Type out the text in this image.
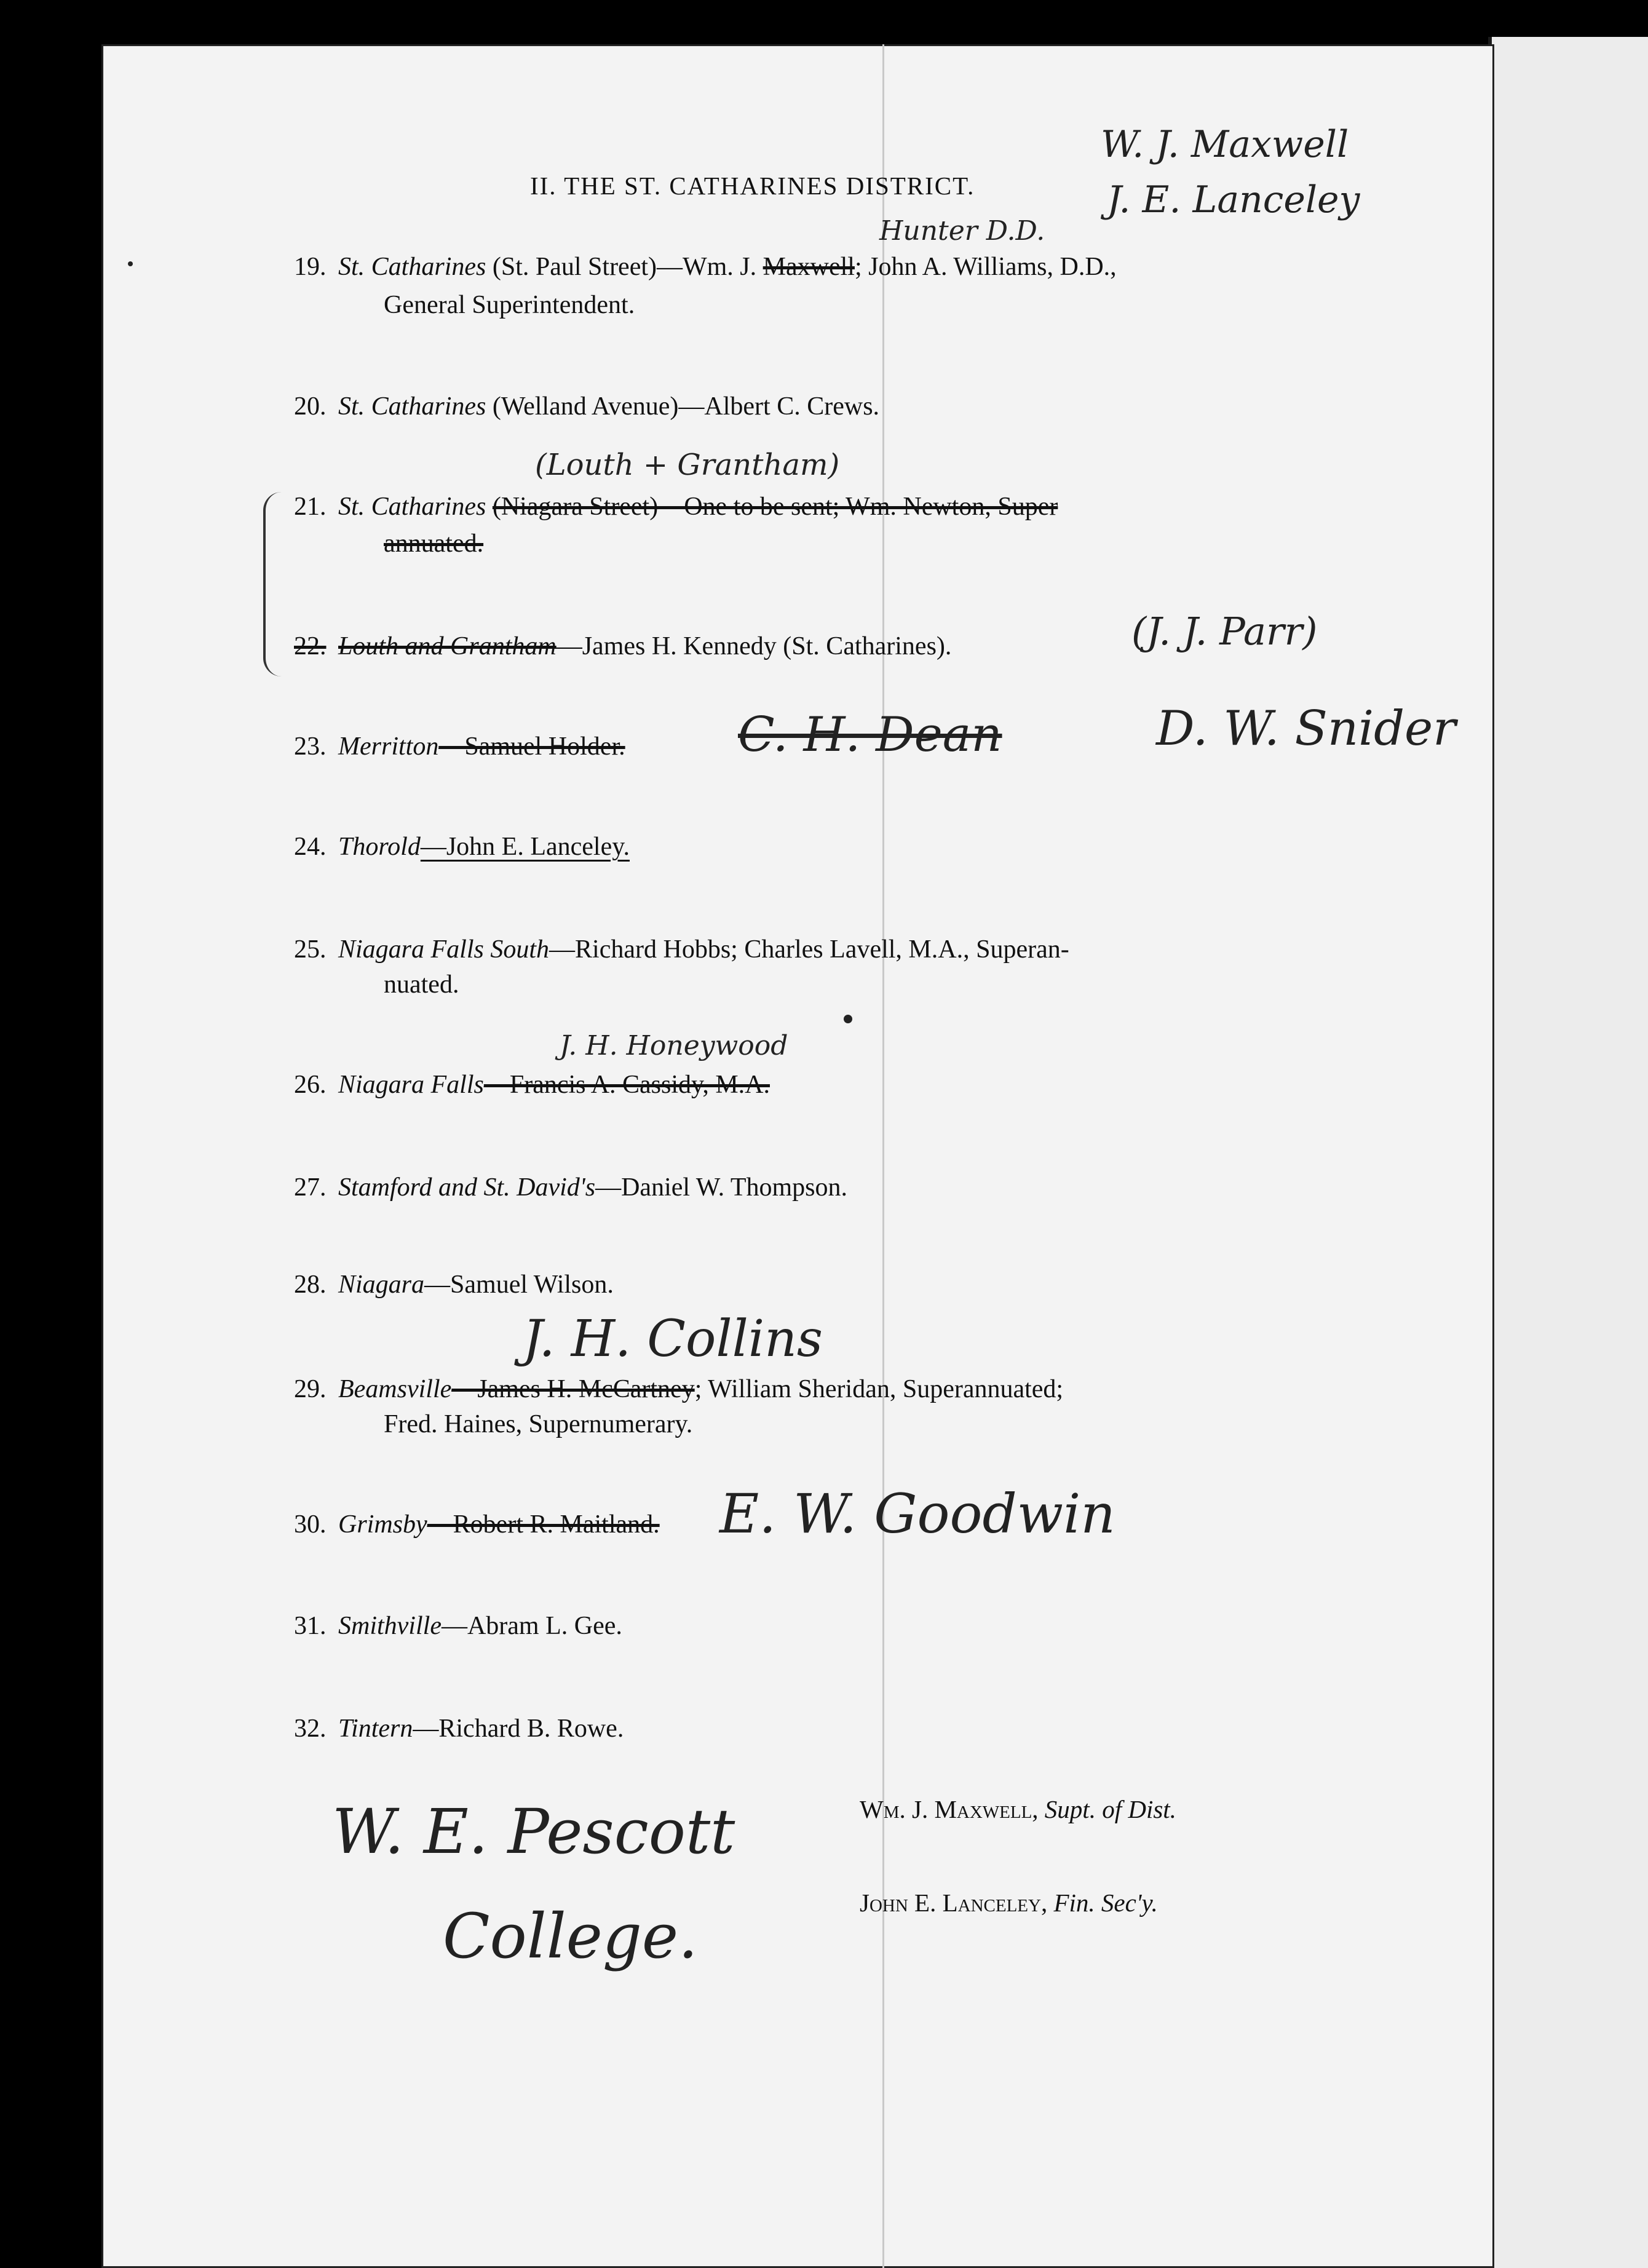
II. THE ST. CATHARINES DISTRICT.
19. St. Catharines (St. Paul Street)—Wm. J. Maxwell; John A. Williams, D.D.,
General Superintendent.
20. St. Catharines (Welland Avenue)—Albert C. Crews.
21. St. Catharines (Niagara Street)—One to be sent; Wm. Newton, Super
annuated.
22. Louth and Grantham—James H. Kennedy (St. Catharines).
23. Merritton—Samuel Holder.
24. Thorold—John E. Lanceley.
25. Niagara Falls South—Richard Hobbs; Charles Lavell, M.A., Superan-
nuated.
26. Niagara Falls—Francis A. Cassidy, M.A.
27. Stamford and St. David's—Daniel W. Thompson.
28. Niagara—Samuel Wilson.
29. Beamsville—James H. McCartney; William Sheridan, Superannuated;
Fred. Haines, Supernumerary.
30. Grimsby—Robert R. Maitland.
31. Smithville—Abram L. Gee.
32. Tintern—Richard B. Rowe.
Wm. J. Maxwell, Supt. of Dist.
John E. Lanceley, Fin. Sec'y.
W. J. Maxwell
J. E. Lanceley
Hunter D.D.
(Louth + Grantham)
(J. J. Parr)
C. H. Dean	D. W. Snider
J. H. Honeywood
J. H. Collins
E. W. Goodwin
W. E. Pescott
College.
